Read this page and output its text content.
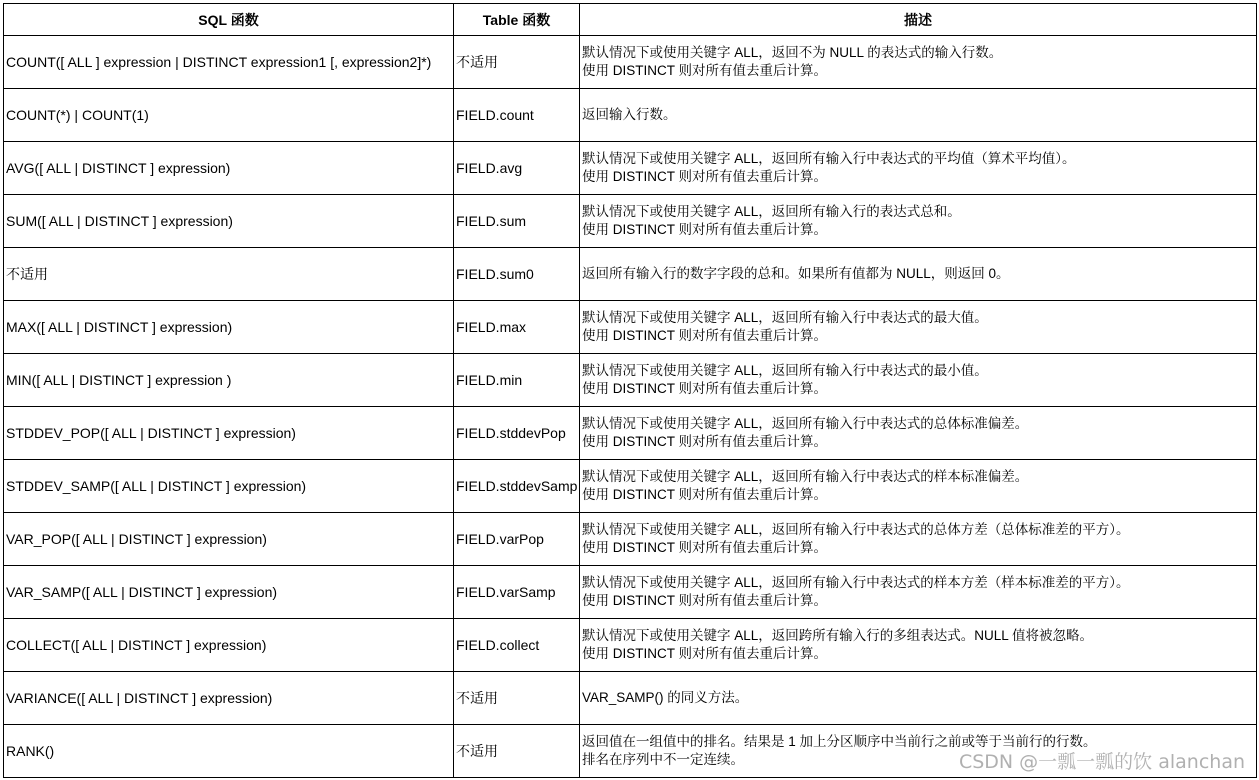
SQL 函数	Table 函数	描述
COUNT([ ALL ] expression | DISTINCT expression1 [, expression2]*)	不适用	默认情况下或使用关键字 ALL，返回不为 NULL 的表达式的输入行数。
使用 DISTINCT 则对所有值去重后计算。

COUNT(*) | COUNT(1)	FIELD.count	返回输入行数。

AVG([ ALL | DISTINCT ] expression)	FIELD.avg	默认情况下或使用关键字 ALL，返回所有输入行中表达式的平均值（算术平均值）。
使用 DISTINCT 则对所有值去重后计算。

SUM([ ALL | DISTINCT ] expression)	FIELD.sum	默认情况下或使用关键字 ALL，返回所有输入行的表达式总和。
使用 DISTINCT 则对所有值去重后计算。

不适用	FIELD.sum0	返回所有输入行的数字字段的总和。如果所有值都为 NULL，则返回 0。

MAX([ ALL | DISTINCT ] expression)	FIELD.max	默认情况下或使用关键字 ALL，返回所有输入行中表达式的最大值。
使用 DISTINCT 则对所有值去重后计算。

MIN([ ALL | DISTINCT ] expression )	FIELD.min	默认情况下或使用关键字 ALL，返回所有输入行中表达式的最小值。
使用 DISTINCT 则对所有值去重后计算。

STDDEV_POP([ ALL | DISTINCT ] expression)	FIELD.stddevPop	默认情况下或使用关键字 ALL，返回所有输入行中表达式的总体标准偏差。
使用 DISTINCT 则对所有值去重后计算。

STDDEV_SAMP([ ALL | DISTINCT ] expression)	FIELD.stddevSamp	默认情况下或使用关键字 ALL，返回所有输入行中表达式的样本标准偏差。
使用 DISTINCT 则对所有值去重后计算。

VAR_POP([ ALL | DISTINCT ] expression)	FIELD.varPop	默认情况下或使用关键字 ALL，返回所有输入行中表达式的总体方差（总体标准差的平方）。
使用 DISTINCT 则对所有值去重后计算。

VAR_SAMP([ ALL | DISTINCT ] expression)	FIELD.varSamp	默认情况下或使用关键字 ALL，返回所有输入行中表达式的样本方差（样本标准差的平方）。
使用 DISTINCT 则对所有值去重后计算。

COLLECT([ ALL | DISTINCT ] expression)	FIELD.collect	默认情况下或使用关键字 ALL，返回跨所有输入行的多组表达式。NULL 值将被忽略。
使用 DISTINCT 则对所有值去重后计算。

VARIANCE([ ALL | DISTINCT ] expression)	不适用	VAR_SAMP() 的同义方法。

RANK()	不适用	返回值在一组值中的排名。结果是 1 加上分区顺序中当前行之前或等于当前行的行数。
排名在序列中不一定连续。	CSDN @一瓢一瓢的饮 alanchan
